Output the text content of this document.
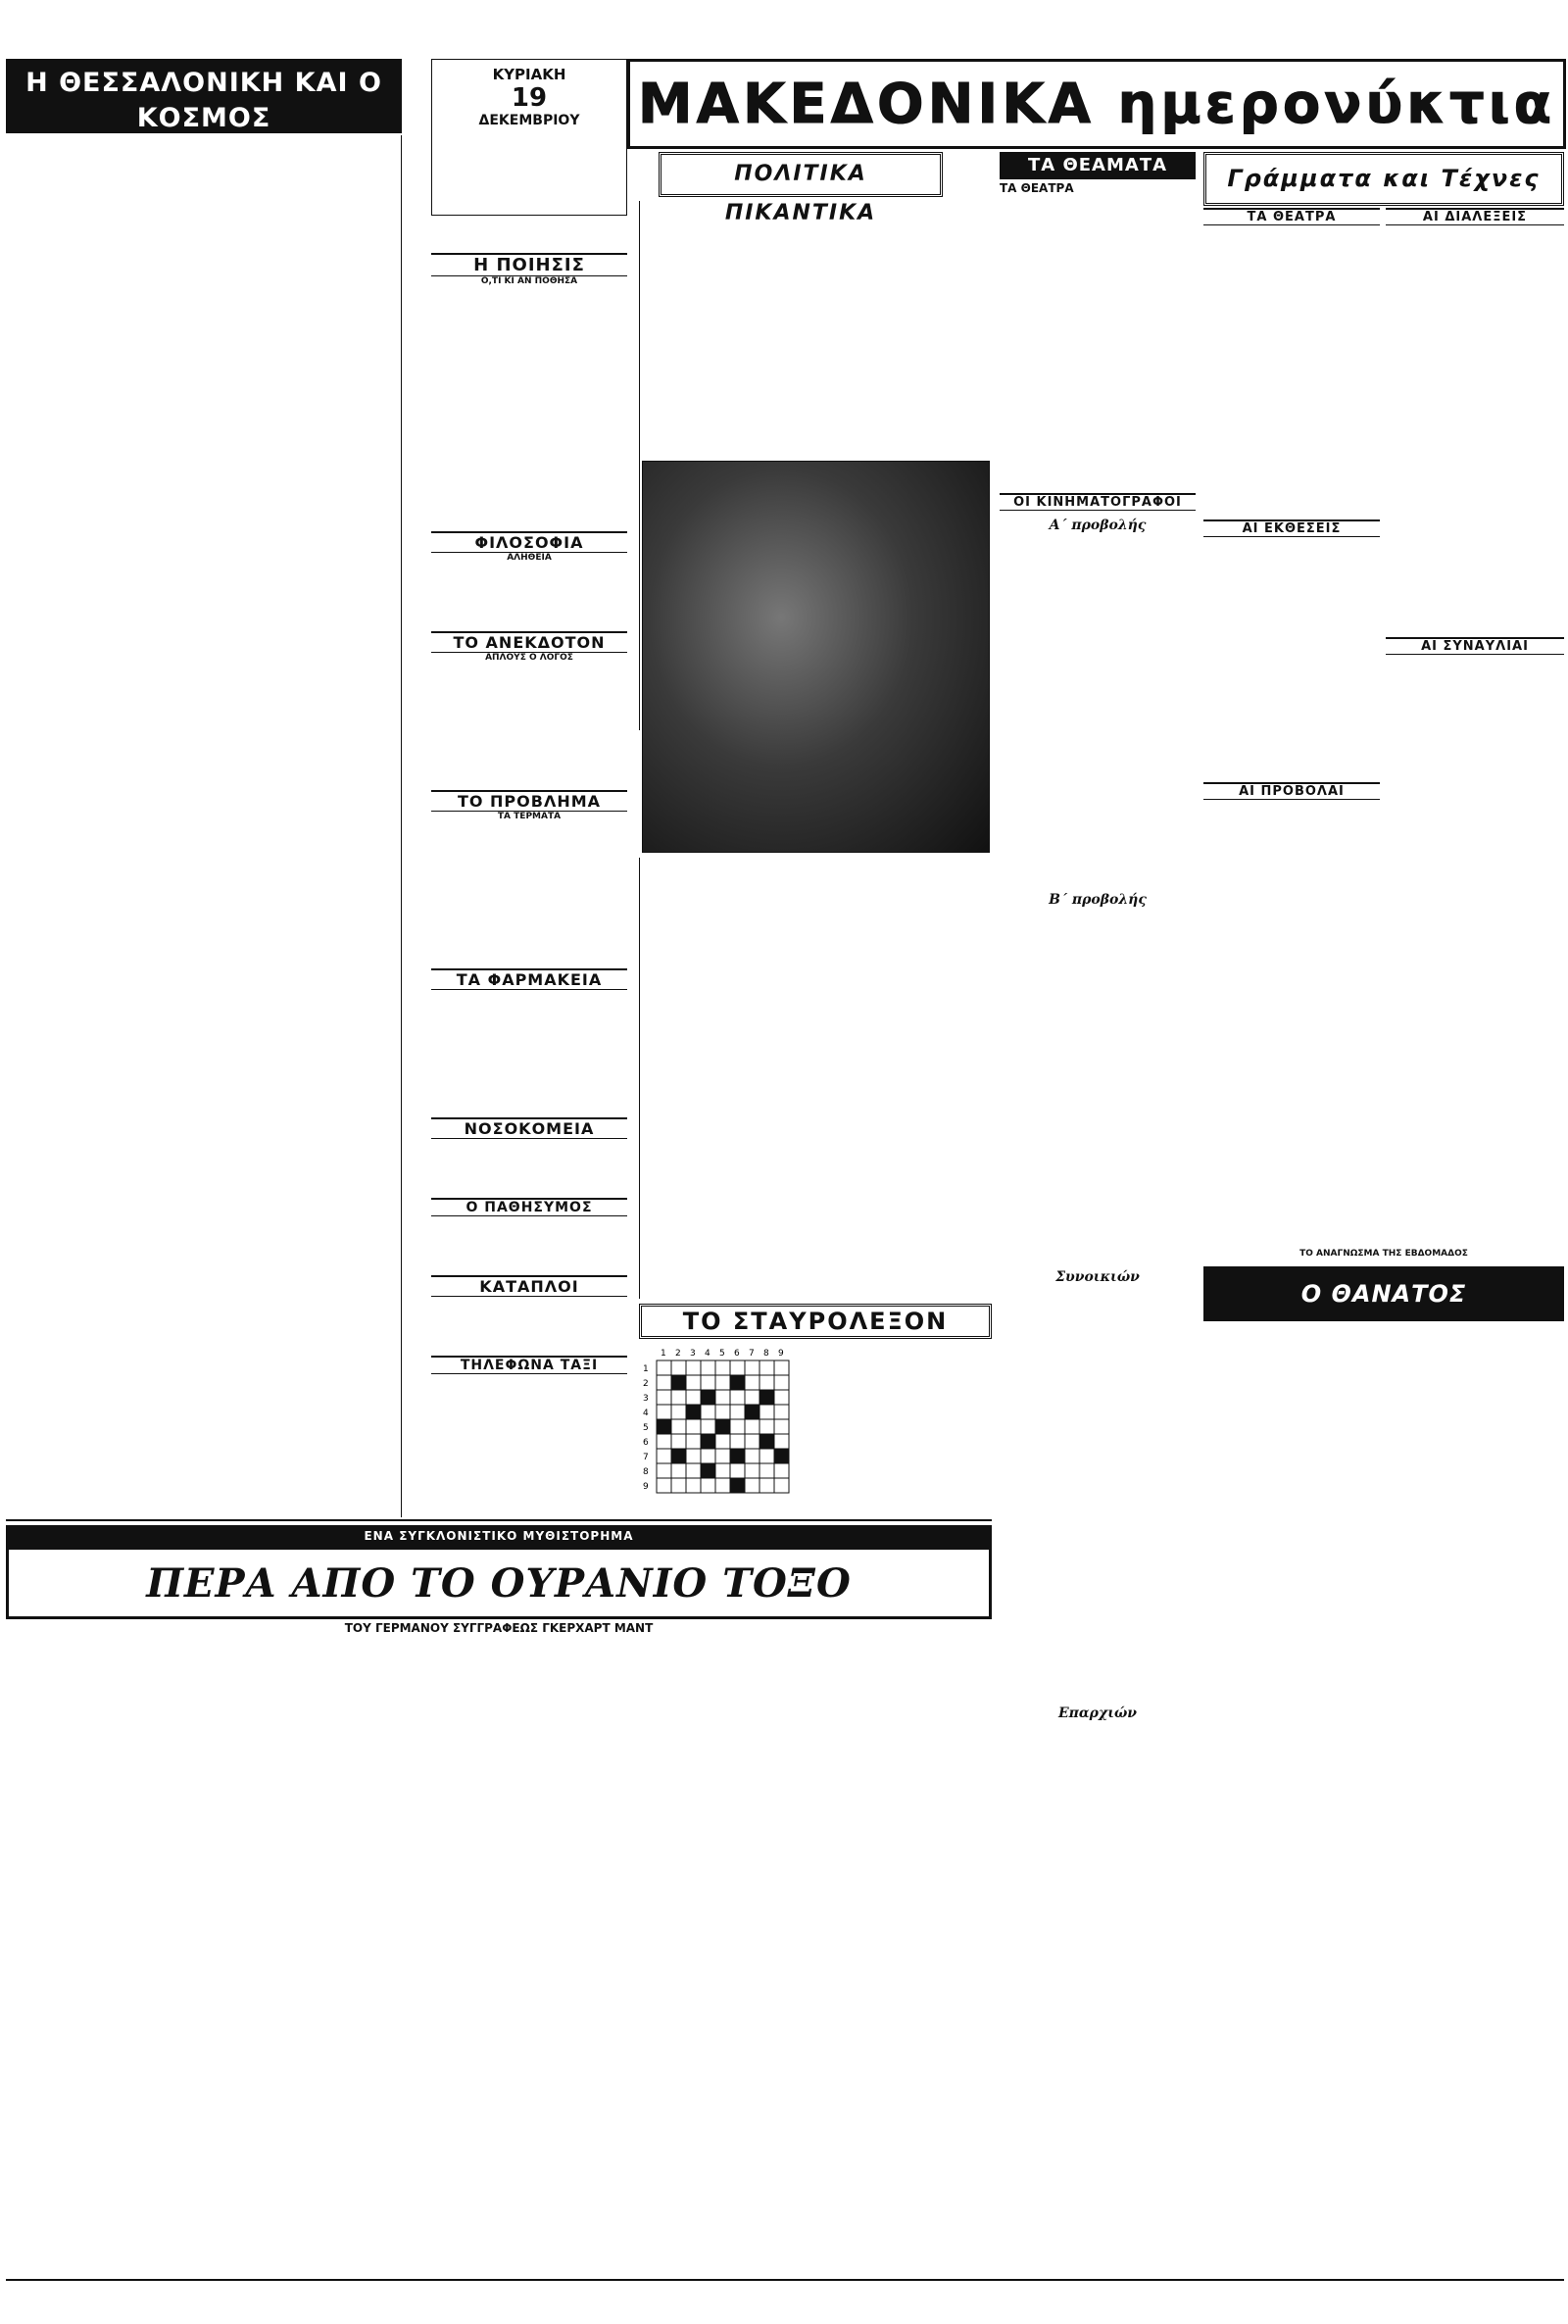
Η ΘΕΣΣΑΛΟΝΙΚΗ ΚΑΙ Ο ΚΟΣΜΟΣ
ΚΥΡΙΑΚΗ
19
ΔΕΚΕΜΒΡΙΟΥ	ΜΑΚΕΔΟΝΙΚΑ ημερονύκτια
ΠΟΛΙΤΙΚΑ ΠΙΚΑΝΤΙΚΑ
ΤΑ ΘΕΑΜΑΤΑ
ΤΑ ΘΕΑΤΡΑ	Γράμματα και Τέχνες
Η ΠΟΙΗΣΙΣ
Ο,ΤΙ ΚΙ ΑΝ ΠΟΘΗΣΑ
ΦΙΛΟΣΟΦΙΑ
ΑΛΗΘΕΙΑ
ΤΟ ΑΝΕΚΔΟΤΟΝ
ΑΠΛΟΥΣ Ο ΛΟΓΟΣ
ΤΟ ΠΡΟΒΛΗΜΑ
ΤΑ ΤΕΡΜΑΤΑ
ΤΑ ΦΑΡΜΑΚΕΙΑ
ΝΟΣΟΚΟΜΕΙΑ
Ο ΠΑΘΗΣΥΜΟΣ
ΚΑΤΑΠΛΟΙ
ΤΗΛΕΦΩΝΑ ΤΑΞΙ
ΤΟ ΣΤΑΥΡΟΛΕΞΟΝ
1
1
2
2
3
3
4
4
5
5
6
6
7
7
8
8
9
9
ΟΙ ΚΙΝΗΜΑΤΟΓΡΑΦΟΙ
Α΄ προβολής
Β΄ προβολής
Συνοικιών
Επαρχιών
ΤΑ ΘΕΑΤΡΑ
ΑΙ ΕΚΘΕΣΕΙΣ
ΑΙ ΠΡΟΒΟΛΑΙ
ΑΙ ΔΙΑΛΕΞΕΙΣ
ΑΙ ΣΥΝΑΥΛΙΑΙ
ΤΟ ΑΝΑΓΝΩΣΜΑ ΤΗΣ ΕΒΔΟΜΑΔΟΣ
Ο ΘΑΝΑΤΟΣ ΠΑΡΑΜΟΝΕΥΕΙ
ΕΝΑ ΣΥΓΚΛΟΝΙΣΤΙΚΟ ΜΥΘΙΣΤΟΡΗΜΑ
ΠΕΡΑ ΑΠΟ ΤΟ ΟΥΡΑΝΙΟ ΤΟΞΟ
ΤΟΥ ΓΕΡΜΑΝΟΥ ΣΥΓΓΡΑΦΕΩΣ ΓΚΕΡΧΑΡΤ ΜΑΝΤ
